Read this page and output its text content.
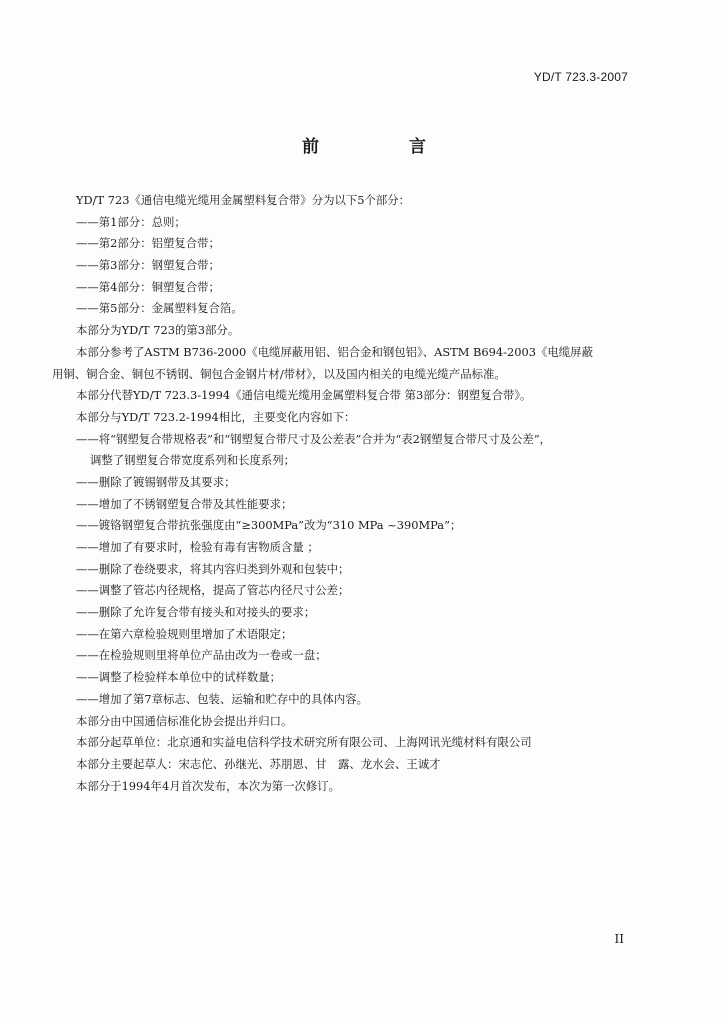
YD/T 723.3-2007
前 言
YD/T 723《通信电缆光缆用金属塑料复合带》分为以下5个部分：
——第1部分：总则；
——第2部分：铝塑复合带；
——第3部分：钢塑复合带；
——第4部分：铜塑复合带；
——第5部分：金属塑料复合箔。
本部分为YD/T 723的第3部分。
本部分参考了ASTM B736-2000《电缆屏蔽用铝、铝合金和钢包铝》、ASTM B694-2003《电缆屏蔽
用铜、铜合金、铜包不锈钢、铜包合金钢片材/带材》，以及国内相关的电缆光缆产品标准。
本部分代替YD/T 723.3-1994《通信电缆光缆用金属塑料复合带 第3部分：钢塑复合带》。
本部分与YD/T 723.2-1994相比，主要变化内容如下：
——将“钢塑复合带规格表”和“钢塑复合带尺寸及公差表”合并为“表2钢塑复合带尺寸及公差”，
调整了钢塑复合带宽度系列和长度系列；
——删除了镀锡钢带及其要求；
——增加了不锈钢塑复合带及其性能要求；
——镀铬钢塑复合带抗张强度由“≥300MPa”改为“310 MPa ~390MPa”；
——增加了有要求时，检验有毒有害物质含量 ；
——删除了卷绕要求，将其内容归类到外观和包装中；
——调整了管芯内径规格，提高了管芯内径尺寸公差；
——删除了允许复合带有接头和对接头的要求；
——在第六章检验规则里增加了术语限定；
——在检验规则里将单位产品由改为一卷或一盘；
——调整了检验样本单位中的试样数量；
——增加了第7章标志、包装、运输和贮存中的具体内容。
本部分由中国通信标准化协会提出并归口。
本部分起草单位：北京通和实益电信科学技术研究所有限公司、上海网讯光缆材料有限公司
本部分主要起草人：宋志佗、孙继光、苏朋恩、甘　露、龙水会、王诚才
本部分于1994年4月首次发布，本次为第一次修订。
II
